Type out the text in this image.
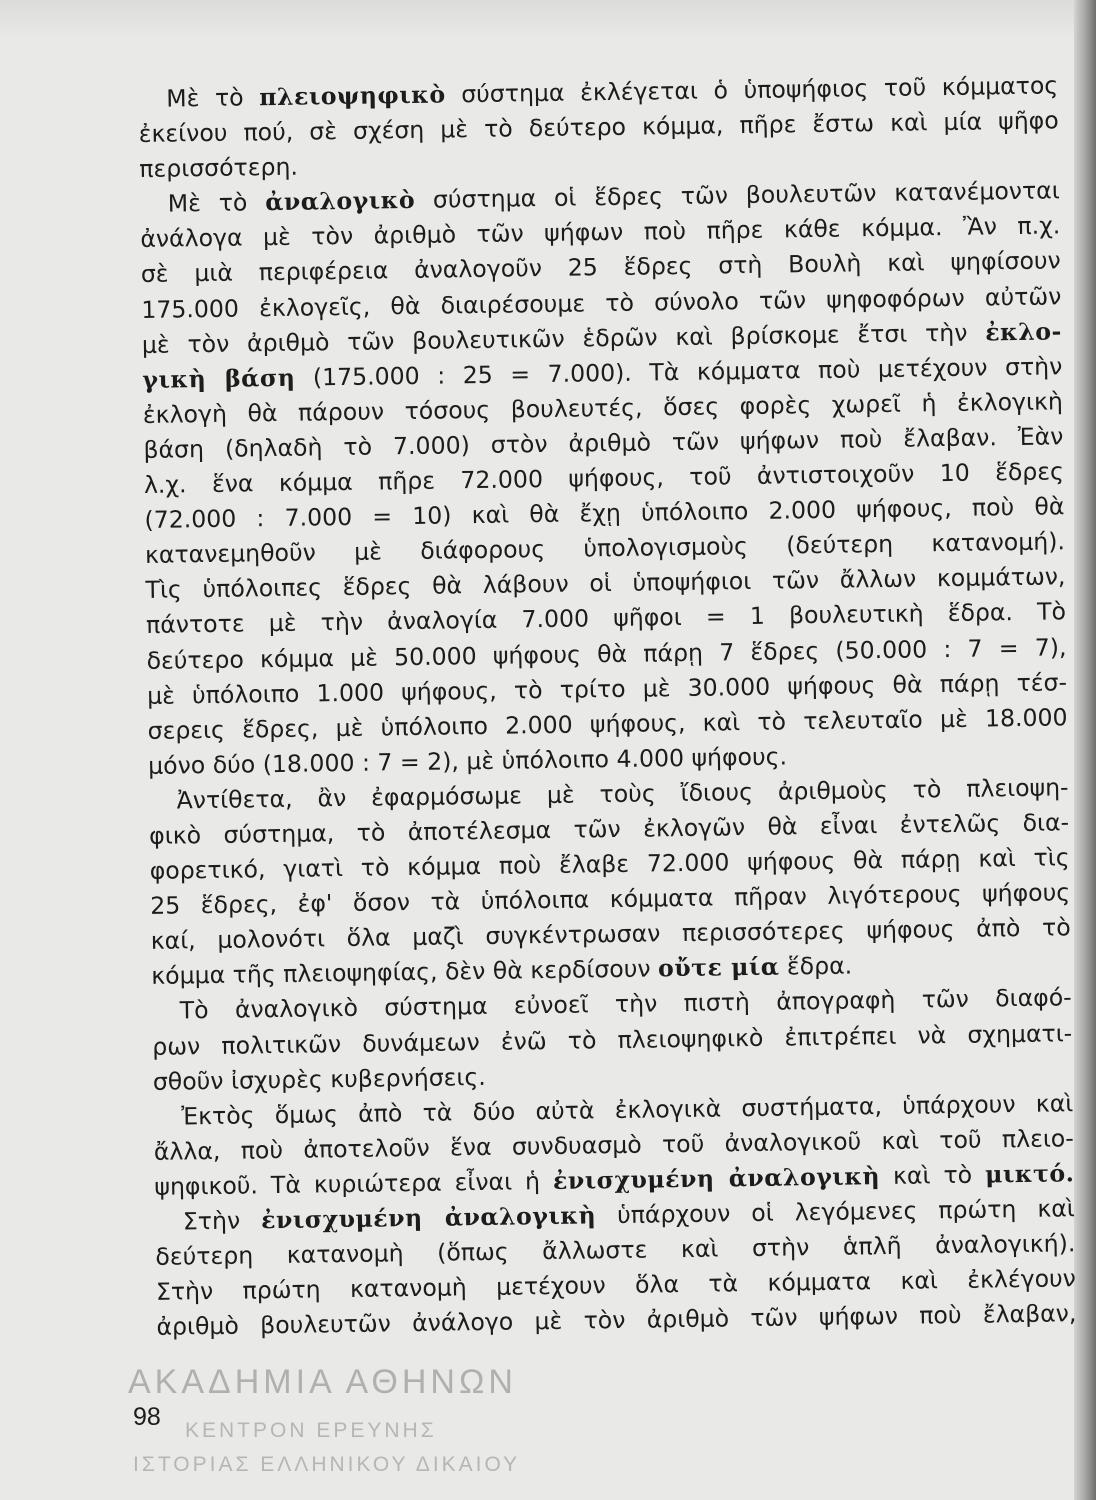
Μὲ τὸ πλειοψηφικὸ σύστημα ἐκλέγεται ὁ ὑποψήφιος τοῦ κόμματος
ἐκείνου πού, σὲ σχέση μὲ τὸ δεύτερο κόμμα, πῆρε ἔστω καὶ μία ψῆφο
περισσότερη.
Μὲ τὸ ἀναλογικὸ σύστημα οἱ ἕδρες τῶν βουλευτῶν κατανέμονται
ἀνάλογα μὲ τὸν ἀριθμὸ τῶν ψήφων ποὺ πῆρε κάθε κόμμα. Ἂν π.χ.
σὲ μιὰ περιφέρεια ἀναλογοῦν 25 ἕδρες στὴ Βουλὴ καὶ ψηφίσουν
175.000 ἐκλογεῖς, θὰ διαιρέσουμε τὸ σύνολο τῶν ψηφοφόρων αὐτῶν
μὲ τὸν ἀριθμὸ τῶν βουλευτικῶν ἑδρῶν καὶ βρίσκομε ἔτσι τὴν ἐκλο-
γικὴ βάση (175.000 : 25 = 7.000). Τὰ κόμματα ποὺ μετέχουν στὴν
ἐκλογὴ θὰ πάρουν τόσους βουλευτές, ὅσες φορὲς χωρεῖ ἡ ἐκλογικὴ
βάση (δηλαδὴ τὸ 7.000) στὸν ἀριθμὸ τῶν ψήφων ποὺ ἔλαβαν. Ἐὰν
λ.χ. ἕνα κόμμα πῆρε 72.000 ψήφους, τοῦ ἀντιστοιχοῦν 10 ἕδρες
(72.000 : 7.000 = 10) καὶ θὰ ἔχῃ ὑπόλοιπο 2.000 ψήφους, ποὺ θὰ
κατανεμηθοῦν μὲ διάφορους ὑπολογισμοὺς (δεύτερη κατανομή).
Τὶς ὑπόλοιπες ἕδρες θὰ λάβουν οἱ ὑποψήφιοι τῶν ἄλλων κομμάτων,
πάντοτε μὲ τὴν ἀναλογία 7.000 ψῆφοι = 1 βουλευτικὴ ἕδρα. Τὸ
δεύτερο κόμμα μὲ 50.000 ψήφους θὰ πάρῃ 7 ἕδρες (50.000 : 7 = 7),
μὲ ὑπόλοιπο 1.000 ψήφους, τὸ τρίτο μὲ 30.000 ψήφους θὰ πάρῃ τέσ-
σερεις ἕδρες, μὲ ὑπόλοιπο 2.000 ψήφους, καὶ τὸ τελευταῖο μὲ 18.000
μόνο δύο (18.000 : 7 = 2), μὲ ὑπόλοιπο 4.000 ψήφους.
Ἀντίθετα, ἂν ἐφαρμόσωμε μὲ τοὺς ἴδιους ἀριθμοὺς τὸ πλειοψη-
φικὸ σύστημα, τὸ ἀποτέλεσμα τῶν ἐκλογῶν θὰ εἶναι ἐντελῶς δια-
φορετικό, γιατὶ τὸ κόμμα ποὺ ἔλαβε 72.000 ψήφους θὰ πάρῃ καὶ τὶς
25 ἕδρες, ἐφ' ὅσον τὰ ὑπόλοιπα κόμματα πῆραν λιγότερους ψήφους
καί, μολονότι ὅλα μαζὶ συγκέντρωσαν περισσότερες ψήφους ἀπὸ τὸ
κόμμα τῆς πλειοψηφίας, δὲν θὰ κερδίσουν οὔτε μία ἕδρα.
Τὸ ἀναλογικὸ σύστημα εὐνοεῖ τὴν πιστὴ ἀπογραφὴ τῶν διαφό-
ρων πολιτικῶν δυνάμεων ἐνῶ τὸ πλειοψηφικὸ ἐπιτρέπει νὰ σχηματι-
σθοῦν ἰσχυρὲς κυβερνήσεις.
Ἐκτὸς ὅμως ἀπὸ τὰ δύο αὐτὰ ἐκλογικὰ συστήματα, ὑπάρχουν καὶ
ἄλλα, ποὺ ἀποτελοῦν ἕνα συνδυασμὸ τοῦ ἀναλογικοῦ καὶ τοῦ πλειο-
ψηφικοῦ. Τὰ κυριώτερα εἶναι ἡ ἐνισχυμένη ἀναλογικὴ καὶ τὸ μικτό.
Στὴν ἐνισχυμένη ἀναλογικὴ ὑπάρχουν οἱ λεγόμενες πρώτη καὶ
δεύτερη κατανομὴ (ὅπως ἄλλωστε καὶ στὴν ἁπλῆ ἀναλογική).
Στὴν πρώτη κατανομὴ μετέχουν ὅλα τὰ κόμματα καὶ ἐκλέγουν
ἀριθμὸ βουλευτῶν ἀνάλογο μὲ τὸν ἀριθμὸ τῶν ψήφων ποὺ ἔλαβαν,
ΑΚΑΔΗΜΙΑ ΑΘΗΝΩΝ
98 ΚΕΝΤΡΟΝ ΕΡΕΥΝΗΣ
ΙΣΤΟΡΙΑΣ ΕΛΛΗΝΙΚΟΥ ΔΙΚΑΙΟΥ
